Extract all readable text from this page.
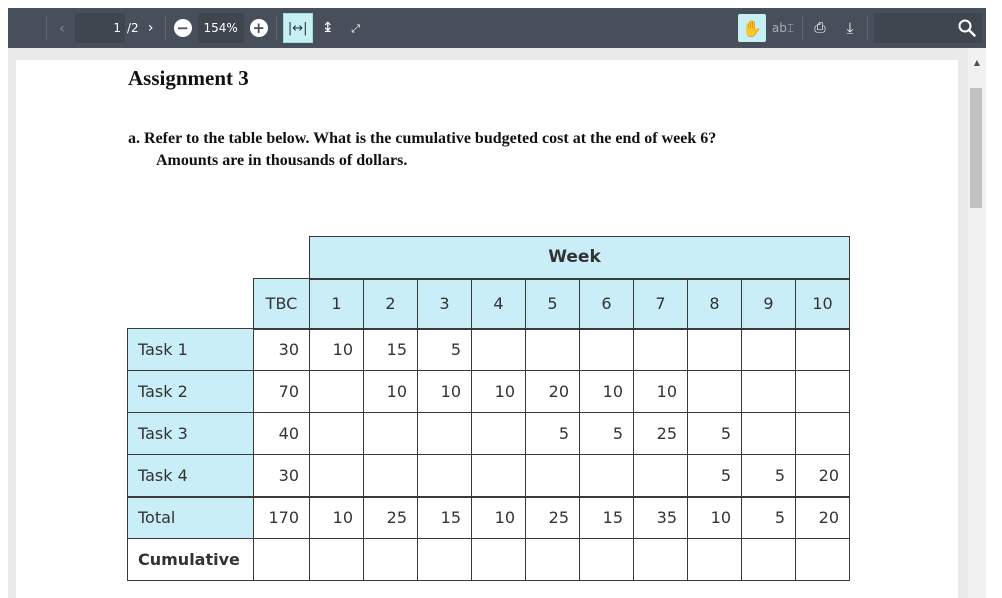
‹	1 /2 ›	−	154% +	|↔|	↨	⤢	✋ ab⌶	⎙	⤓
Assignment 3
a. Refer to the table below. What is the cumulative budgeted cost at the end of week 6?
Amounts are in thousands of dollars.
		Week									
	TBC	1	2	3	4	5	6	7	8	9	10
Task 1	30	10	15	5							
Task 2	70		10	10	10	20	10	10			
Task 3	40					5	5	25	5		
Task 4	30								5	5	20
Total	170	10	25	15	10	25	15	35	10	5	20
Cumulative											
▲
